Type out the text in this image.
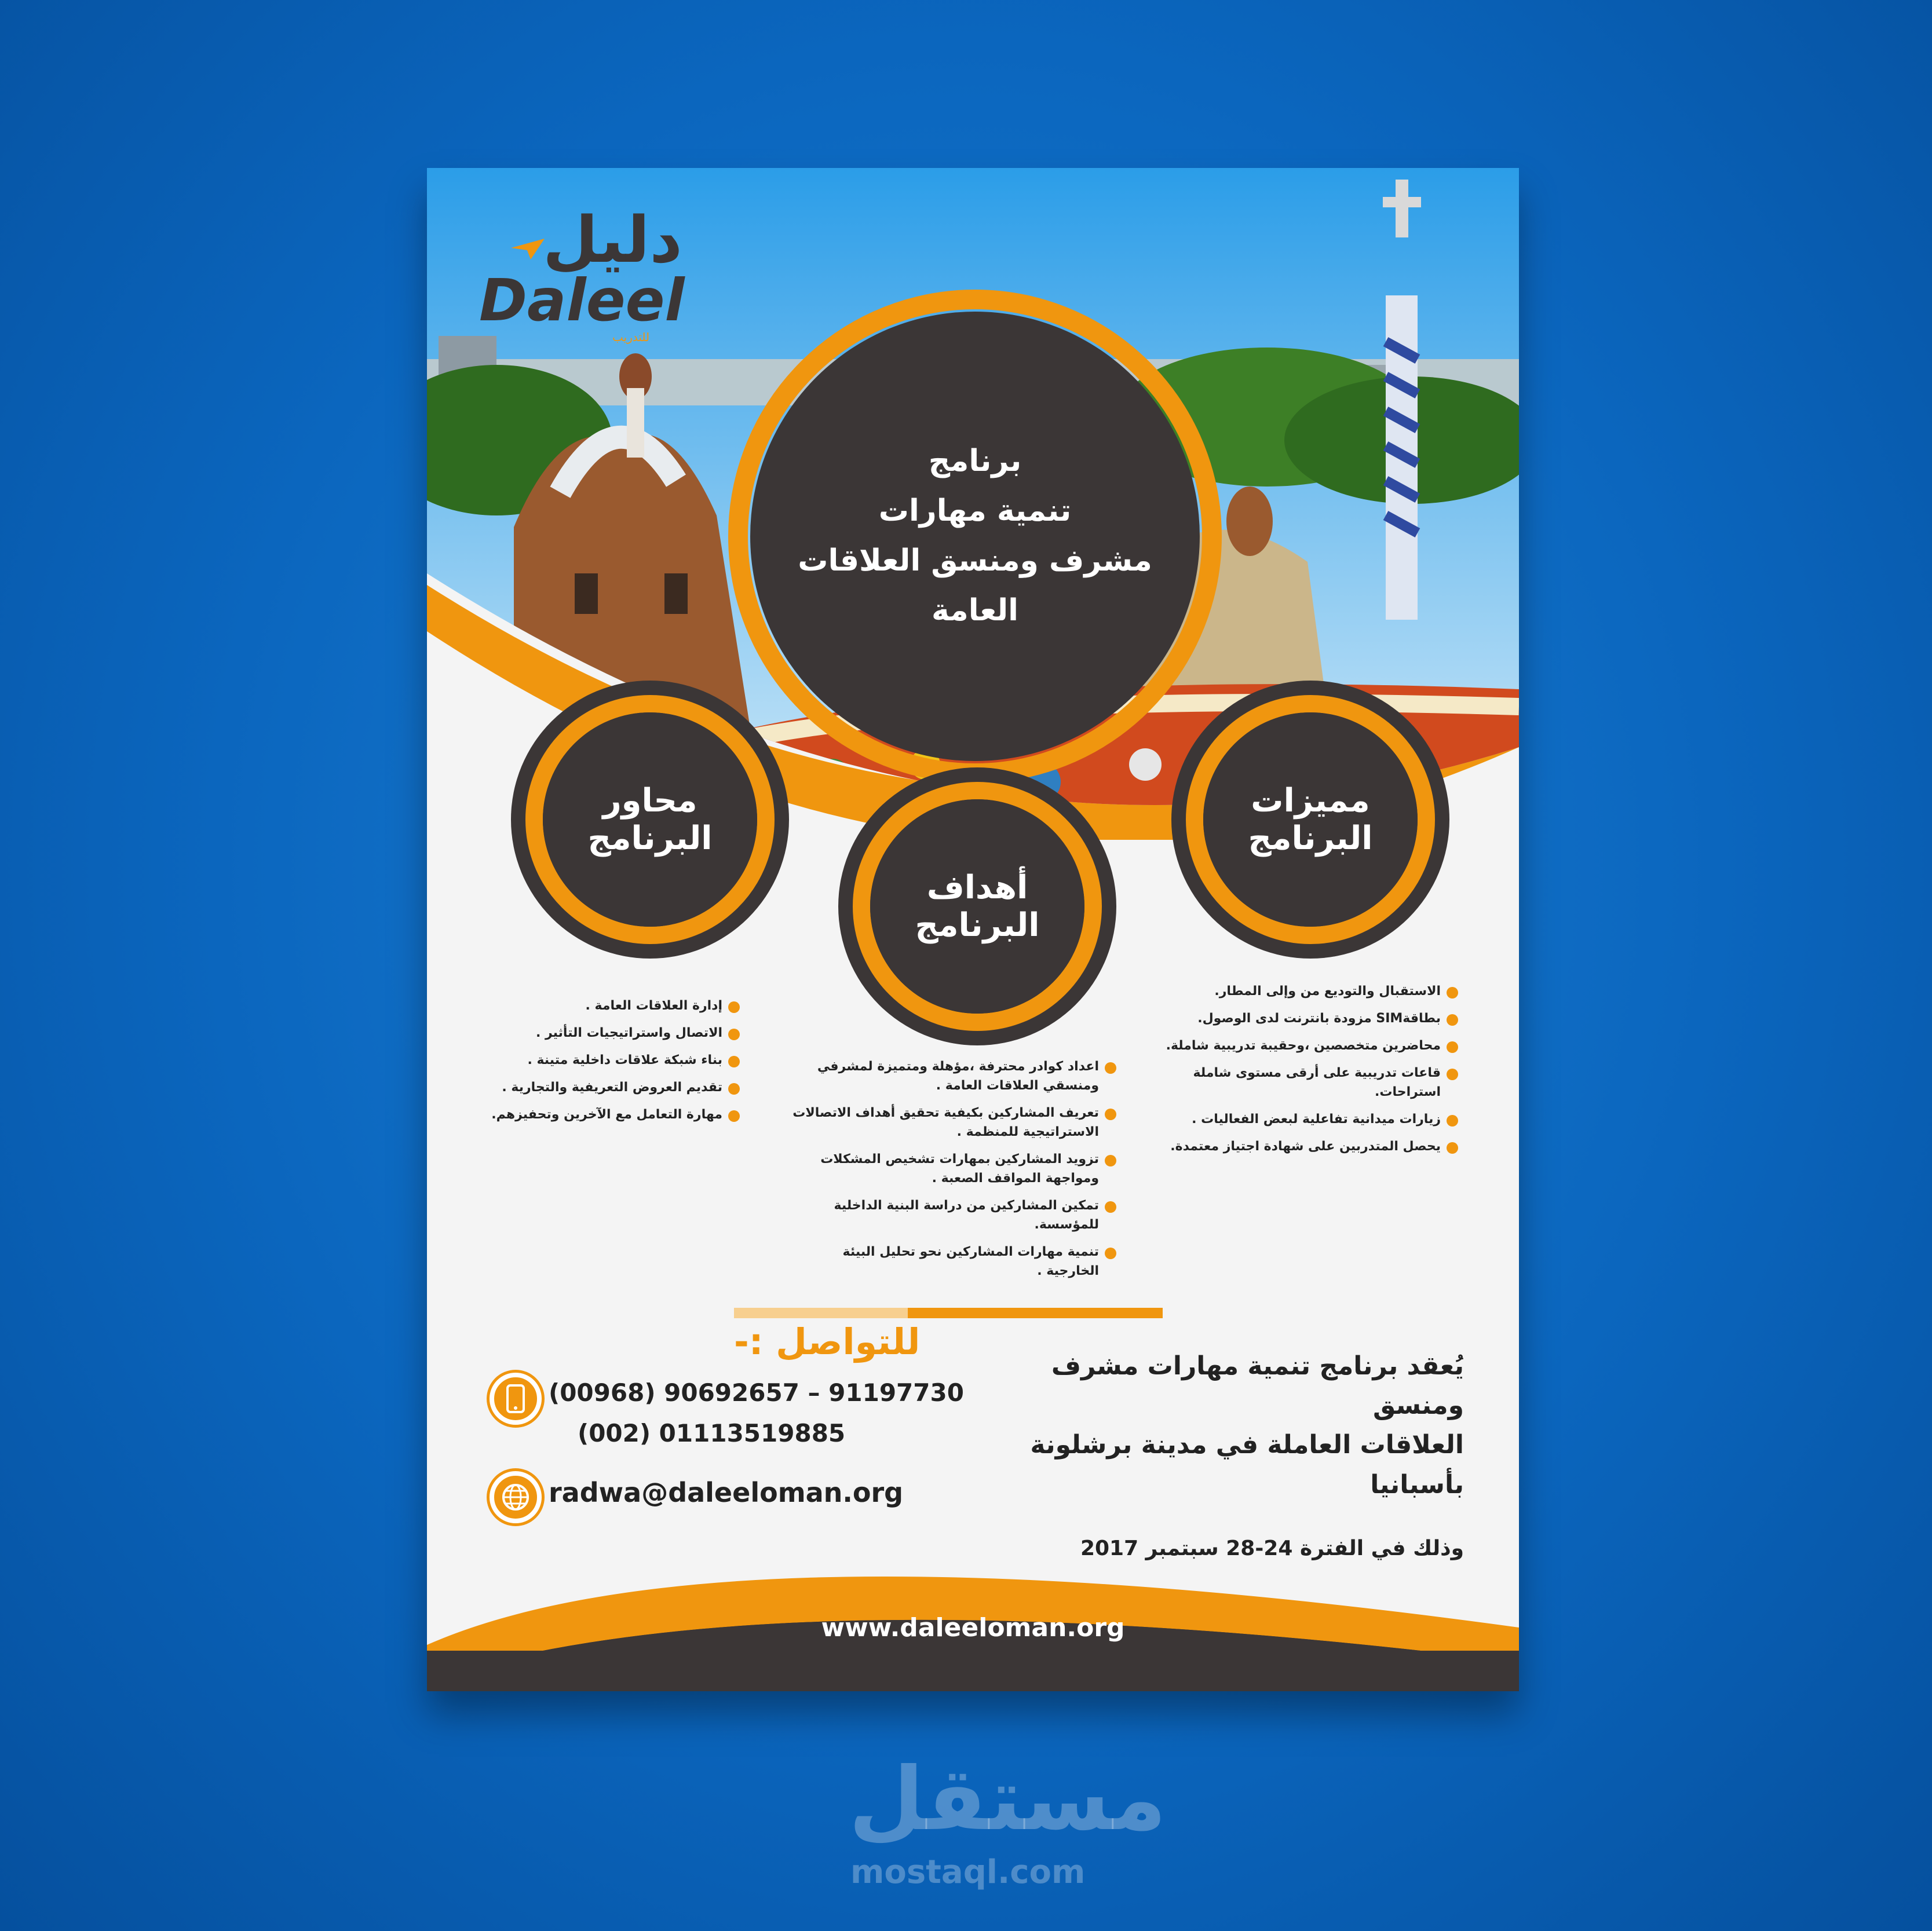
دليل
Daleel
للتدريب
برنامج
تنمية مهارات
مشرف ومنسق العلاقات العامة
محاور البرنامج
أهداف البرنامج
مميزات البرنامج
إدارة العلاقات العامة .
الاتصال واستراتيجيات التأثير .
بناء شبكة علاقات داخلية متينة .
تقديم العروض التعريفية والتجارية .
مهارة التعامل مع الآخرين وتحفيزهم.
اعداد كوادر محترفة ،مؤهلة ومتميزة لمشرفي ومنسقي العلاقات العامة .
تعريف المشاركين بكيفية تحقيق أهداف الاتصالات الاستراتيجية للمنظمة .
تزويد المشاركين بمهارات تشخيص المشكلات ومواجهة المواقف الصعبة .
تمكين المشاركين من دراسة البنية الداخلية للمؤسسة.
تنمية مهارات المشاركين نحو تحليل البيئة الخارجية .
الاستقبال والتوديع من وإلى المطار.
بطاقةSIM مزودة بانترنت لدى الوصول.
محاضرين متخصصين ،وحقيبة تدريبية شاملة.
قاعات تدريبية على أرقى مستوى شاملة استراحات.
زيارات ميدانية تفاعلية لبعض الفعاليات .
يحصل المتدربين على شهادة اجتياز معتمدة.
للتواصل :-
(00968) 90692657 – 91197730
(002) 01113519885
radwa@daleeloman.org
يُعقد برنامج تنمية مهارات مشرف ومنسق
العلاقات العاملة في مدينة برشلونة بأسبانيا
وذلك في الفترة 24-28 سبتمبر 2017
www.daleeloman.org
مستقل
mostaql.com
